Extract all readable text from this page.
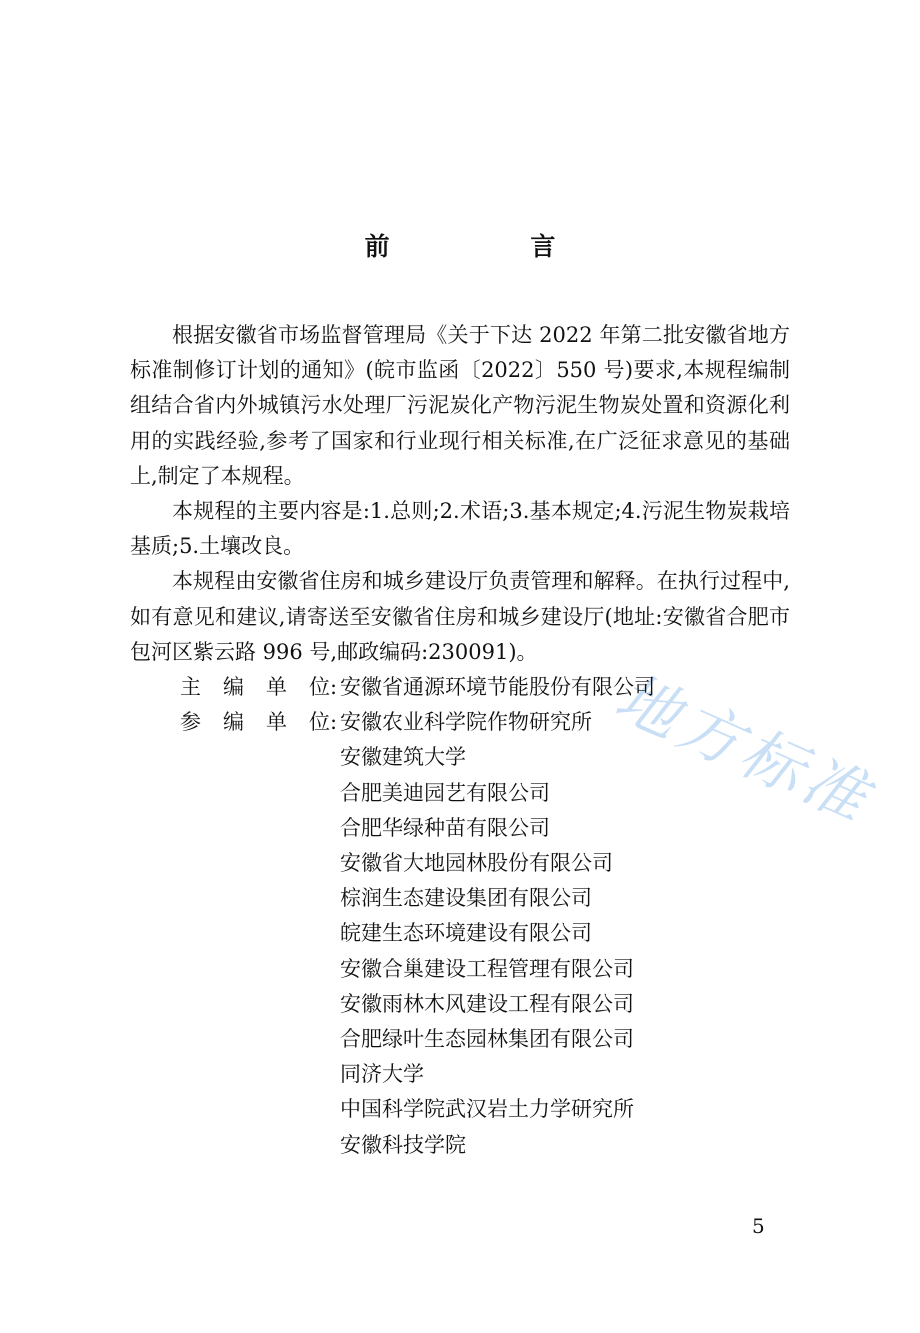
地方标准
前 言

根据安徽省市场监督管理局《关于下达 2022 年第二批安徽省地方标准制修订计划的通知》(皖市监函〔2022〕550 号)要求,本规程编制组结合省内外城镇污水处理厂污泥炭化产物污泥生物炭处置和资源化利用的实践经验,参考了国家和行业现行相关标准,在广泛征求意见的基础上,制定了本规程。

本规程的主要内容是:1.总则;2.术语;3.基本规定;4.污泥生物炭栽培基质;5.土壤改良。

本规程由安徽省住房和城乡建设厅负责管理和解释。在执行过程中,如有意见和建议,请寄送至安徽省住房和城乡建设厅(地址:安徽省合肥市包河区紫云路 996 号,邮政编码:230091)。

主编单位 : 安徽省通源环境节能股份有限公司
参编单位 : 安徽农业科学院作物研究所
安徽建筑大学
合肥美迪园艺有限公司
合肥华绿种苗有限公司
安徽省大地园林股份有限公司
棕润生态建设集团有限公司
皖建生态环境建设有限公司
安徽合巢建设工程管理有限公司
安徽雨林木风建设工程有限公司
合肥绿叶生态园林集团有限公司
同济大学
中国科学院武汉岩土力学研究所
安徽科技学院
5
